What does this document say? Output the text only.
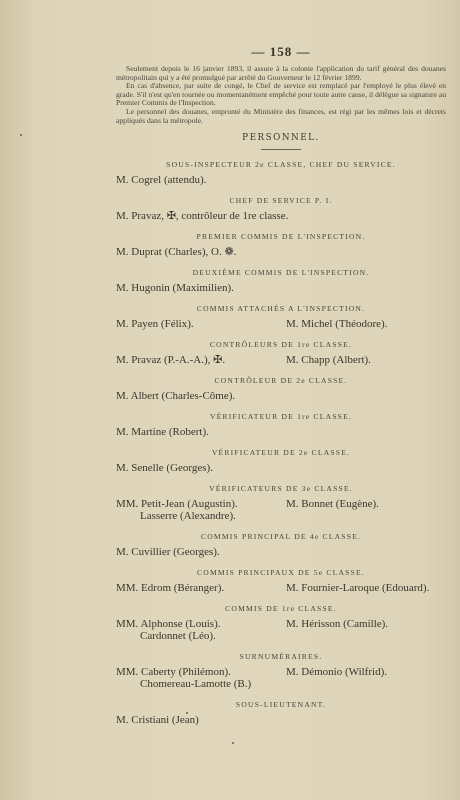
— 158 —

Seulement depuis le 16 janvier 1893, il assure à la colonie l'application du tarif général des douanes métropolitain qui y a été promulgué par arrêté du Gouverneur le 12 février 1899.

En cas d'absence, par suite de congé, le Chef de service est remplacé par l'employé le plus élevé en grade. S'il n'est qu'en tournée ou momentanément empêché pour toute autre cause, il délègue sa signature au Premier Commis de l'Inspection.

Le personnel des douanes, emprunté du Ministère des finances, est régi par les mêmes lois et décrets appliqués dans la métropole.

PERSONNEL.
SOUS-INSPECTEUR 2e CLASSE, CHEF DU SERVICE.
M. Cogrel (attendu).
CHEF DE SERVICE P. I.
M. Pravaz, ✠, contrôleur de 1re classe.
PREMIER COMMIS DE L'INSPECTION.
M. Duprat (Charles), O. ❁.
DEUXIÈME COMMIS DE L'INSPECTION.
M. Hugonin (Maximilien).
COMMIS ATTACHÉS A L'INSPECTION.
M. Payen (Félix).	M. Michel (Théodore).
CONTRÔLEURS DE 1re CLASSE.
M. Pravaz (P.-A.-A.), ✠.	M. Chapp (Albert).
CONTRÔLEUR DE 2e CLASSE.
M. Albert (Charles-Côme).
VÉRIFICATEUR DE 1re CLASSE.
M. Martine (Robert).
VÉRIFICATEUR DE 2e CLASSE.
M. Senelle (Georges).
VÉRIFICATEURS DE 3e CLASSE.
MM. Petit-Jean (Augustin).	M. Bonnet (Eugène).
Lasserre (Alexandre).
COMMIS PRINCIPAL DE 4e CLASSE.
M. Cuvillier (Georges).
COMMIS PRINCIPAUX DE 5e CLASSE.
MM. Edrom (Béranger).	M. Fournier-Laroque (Edouard).
COMMIS DE 1re CLASSE.
MM. Alphonse (Louis).	M. Hérisson (Camille).
Cardonnet (Léo).
SURNUMÉRAIRES.
MM. Caberty (Philémon).	M. Démonio (Wilfrid).
Chomereau-Lamotte (B.)
SOUS-LIEUTENANT.
M. Cristiani (Jean)
